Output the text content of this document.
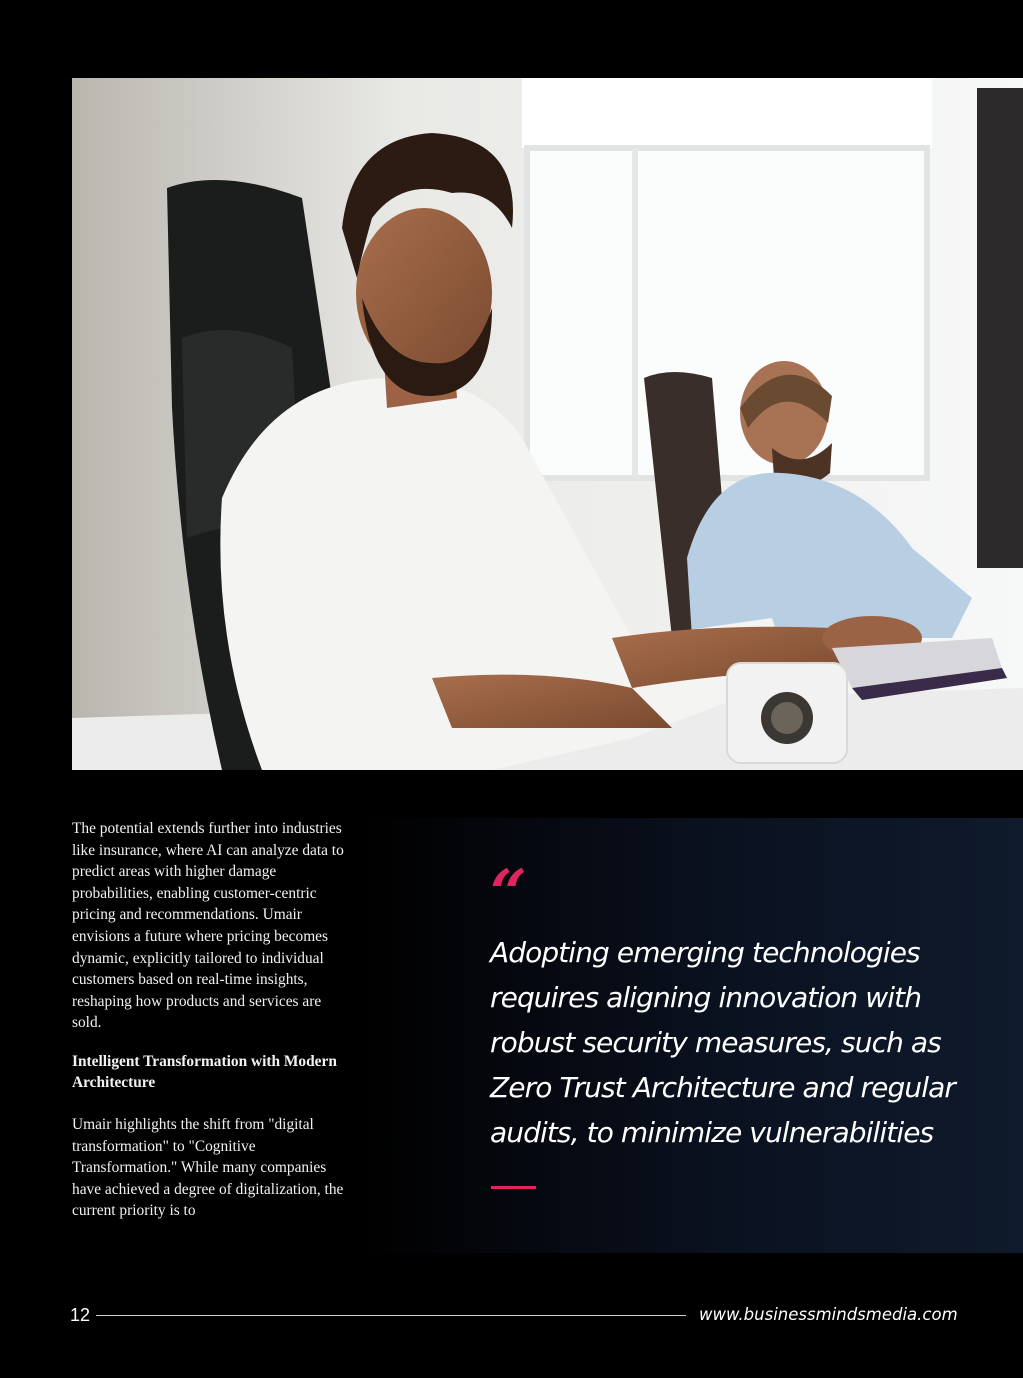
The potential extends further into industries like insurance, where AI can analyze data to predict areas with higher damage probabilities, enabling customer-centric pricing and recommendations. Umair envisions a future where pricing becomes dynamic, explicitly tailored to individual customers based on real-time insights, reshaping how products and services are sold.

Intelligent Transformation with Modern Architecture

Umair highlights the shift from "digital transformation" to "Cognitive Transformation." While many companies have achieved a degree of digitalization, the current priority is to

“

Adopting emerging technologies requires aligning innovation with robust security measures, such as Zero Trust Architecture and regular audits, to minimize vulnerabilities

12	www.businessmindsmedia.com
